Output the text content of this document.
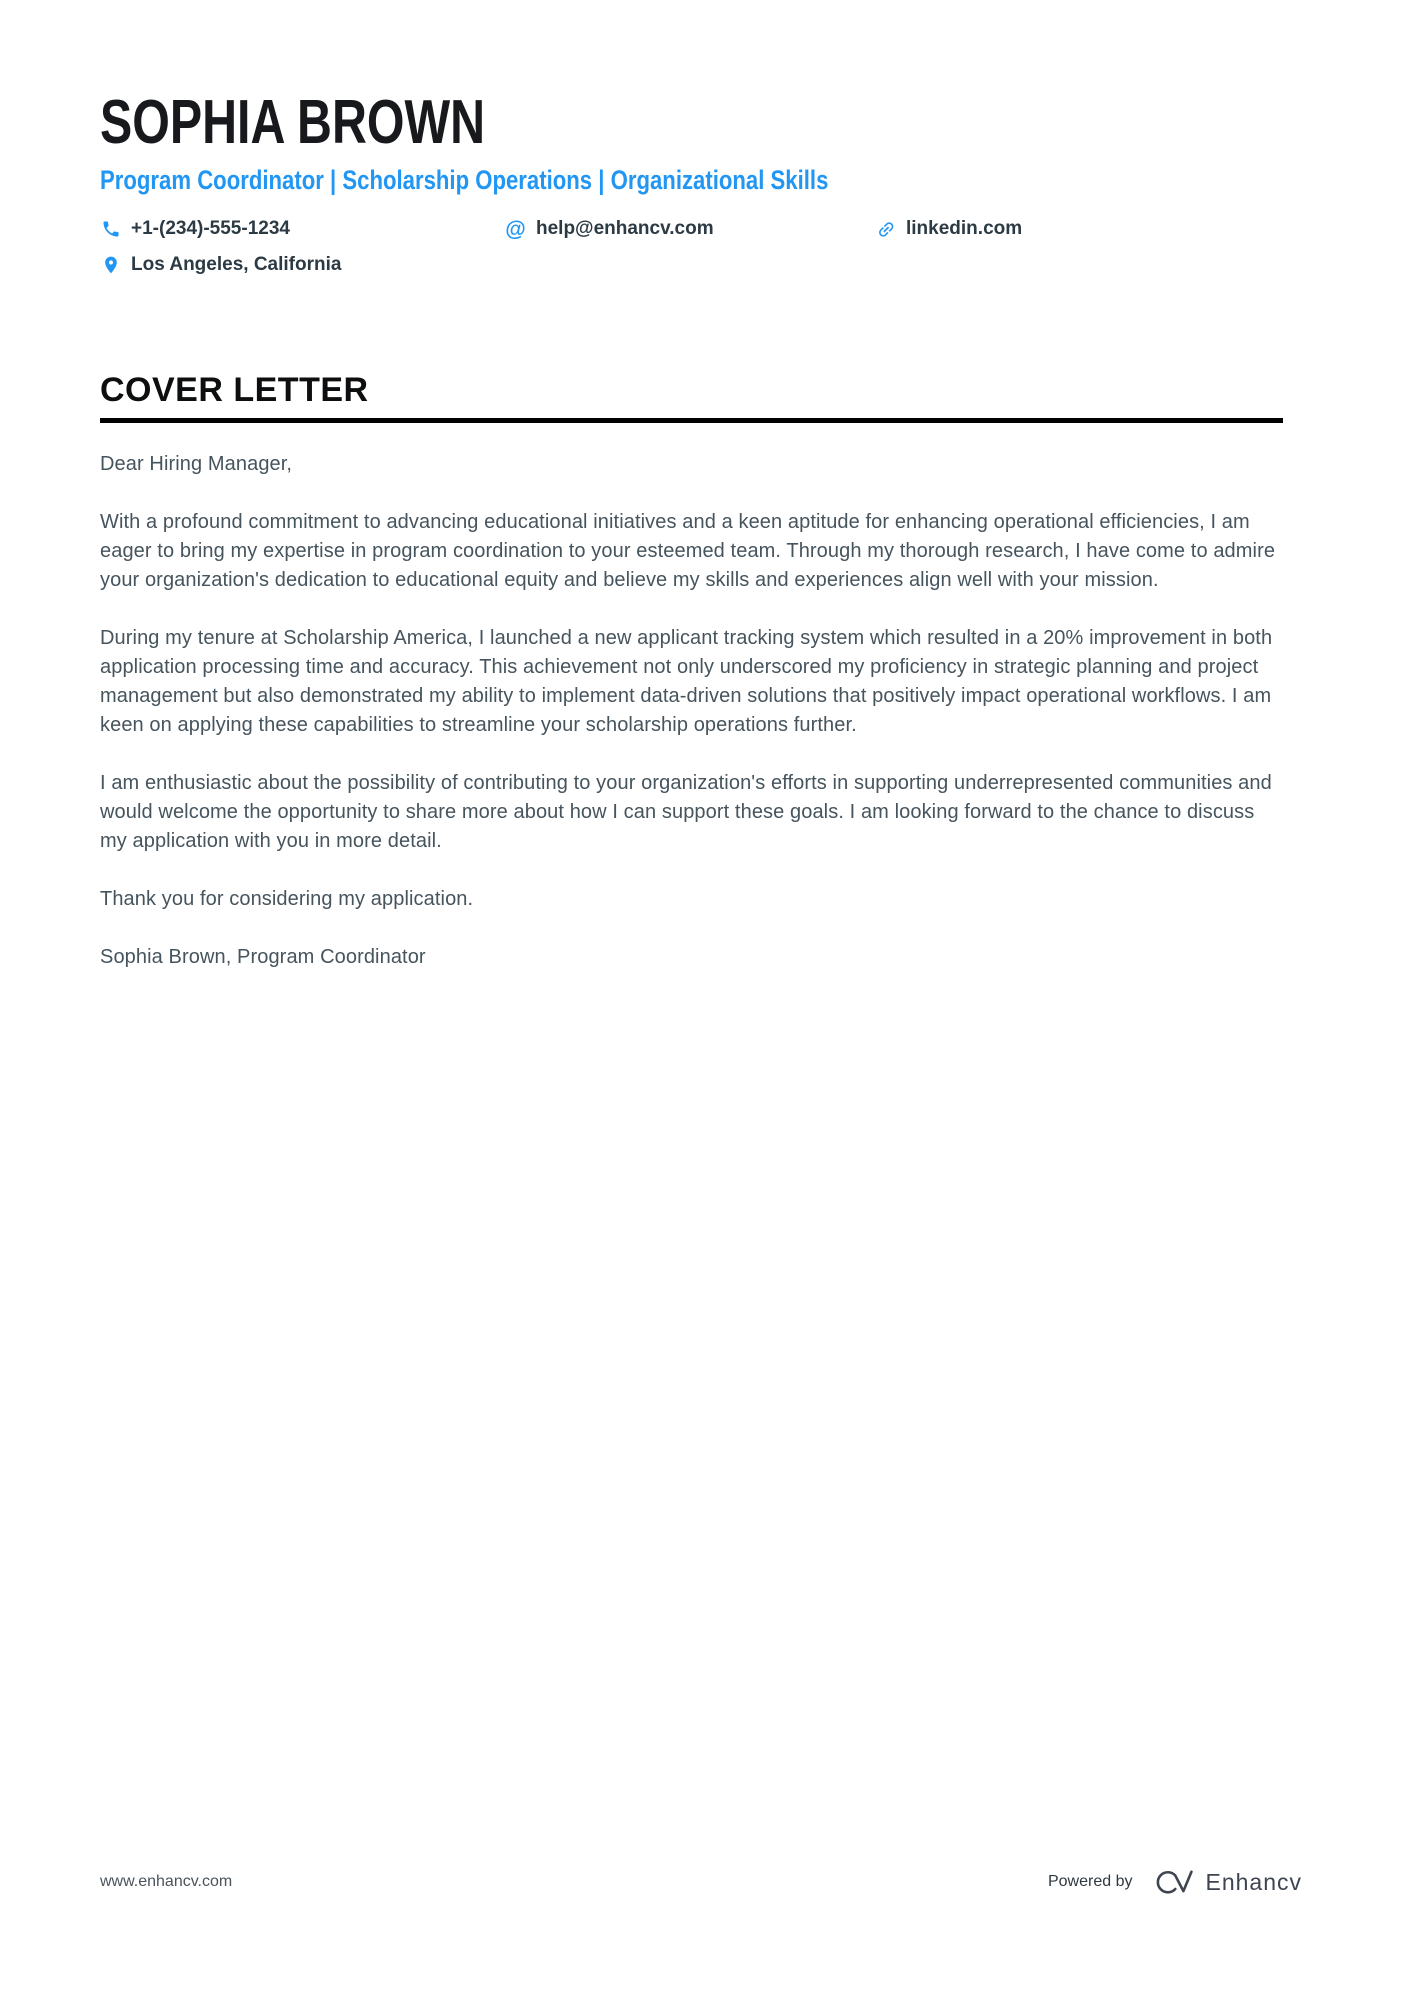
SOPHIA BROWN
Program Coordinator | Scholarship Operations | Organizational Skills
+1-(234)-555-1234	@ help@enhancv.com	linkedin.com
Los Angeles, California
COVER LETTER

Dear Hiring Manager,

With a profound commitment to advancing educational initiatives and a keen aptitude for enhancing operational efficiencies, I am eager to bring my expertise in program coordination to your esteemed team. Through my thorough research, I have come to admire your organization's dedication to educational equity and believe my skills and experiences align well with your mission.

During my tenure at Scholarship America, I launched a new applicant tracking system which resulted in a 20% improvement in both application processing time and accuracy. This achievement not only underscored my proficiency in strategic planning and project management but also demonstrated my ability to implement data-driven solutions that positively impact operational workflows. I am keen on applying these capabilities to streamline your scholarship operations further.

I am enthusiastic about the possibility of contributing to your organization's efforts in supporting underrepresented communities and would welcome the opportunity to share more about how I can support these goals. I am looking forward to the chance to discuss my application with you in more detail.

Thank you for considering my application.

Sophia Brown, Program Coordinator

www.enhancv.com	Powered by	Enhancv
